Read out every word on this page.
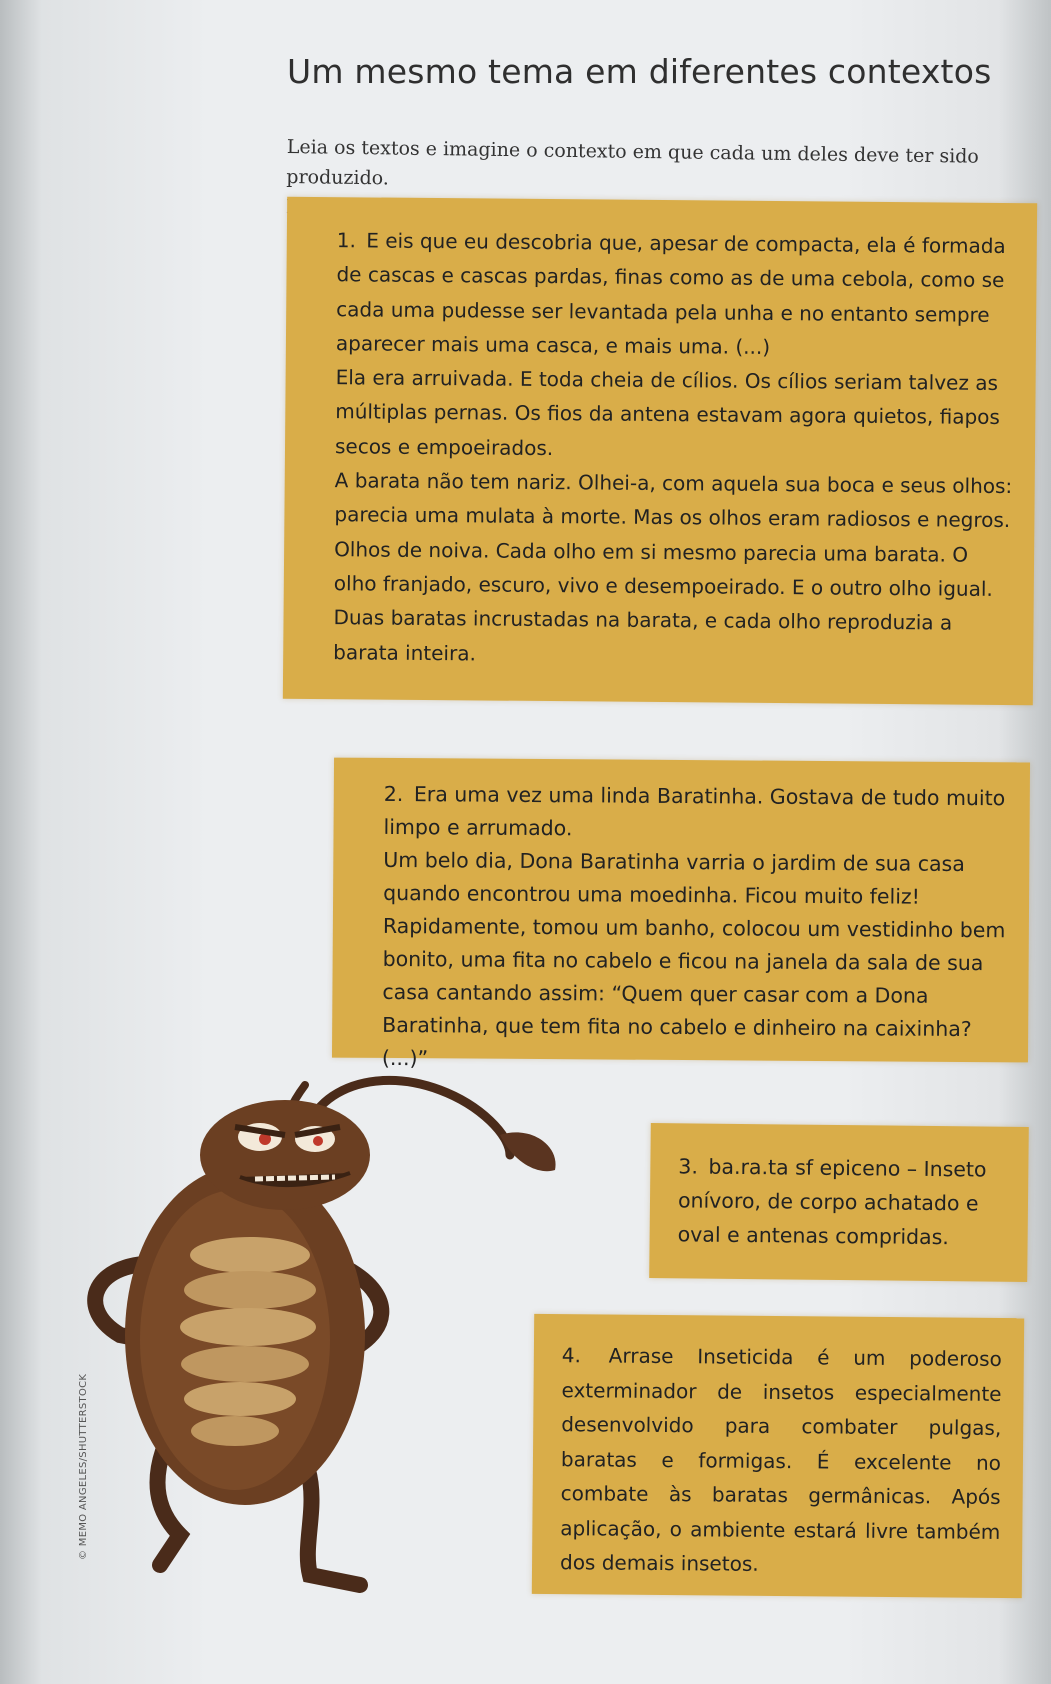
Um mesmo tema em diferentes contextos
Leia os textos e imagine o contexto em que cada um deles deve ter sido produzido.

1. E eis que eu descobria que, apesar de compacta, ela é formada de cascas e cascas pardas, finas como as de uma cebola, como se cada uma pudesse ser levantada pela unha e no entanto sempre aparecer mais uma casca, e mais uma. (...)

Ela era arruivada. E toda cheia de cílios. Os cílios seriam talvez as múltiplas pernas. Os fios da antena estavam agora quietos, fiapos secos e empoeirados.

A barata não tem nariz. Olhei-a, com aquela sua boca e seus olhos: parecia uma mulata à morte. Mas os olhos eram radiosos e negros. Olhos de noiva. Cada olho em si mesmo parecia uma barata. O olho franjado, escuro, vivo e desempoeirado. E o outro olho igual. Duas baratas incrustadas na barata, e cada olho reproduzia a barata inteira.

2. Era uma vez uma linda Baratinha. Gostava de tudo muito limpo e arrumado.

Um belo dia, Dona Baratinha varria o jardim de sua casa quando encontrou uma moedinha. Ficou muito feliz! Rapidamente, tomou um banho, colocou um vestidinho bem bonito, uma fita no cabelo e ficou na janela da sala de sua casa cantando assim: “Quem quer casar com a Dona Baratinha, que tem fita no cabelo e dinheiro na caixinha? (...)”

3. ba.ra.ta sf epiceno – Inseto onívoro, de corpo achatado e oval e antenas compridas.

4. Arrase Inseticida é um poderoso exterminador de insetos especialmente desenvolvido para combater pulgas, baratas e formigas. É excelente no combate às baratas germânicas. Após aplicação, o ambiente estará livre também dos demais insetos.

© MEMO ANGELES/SHUTTERSTOCK
